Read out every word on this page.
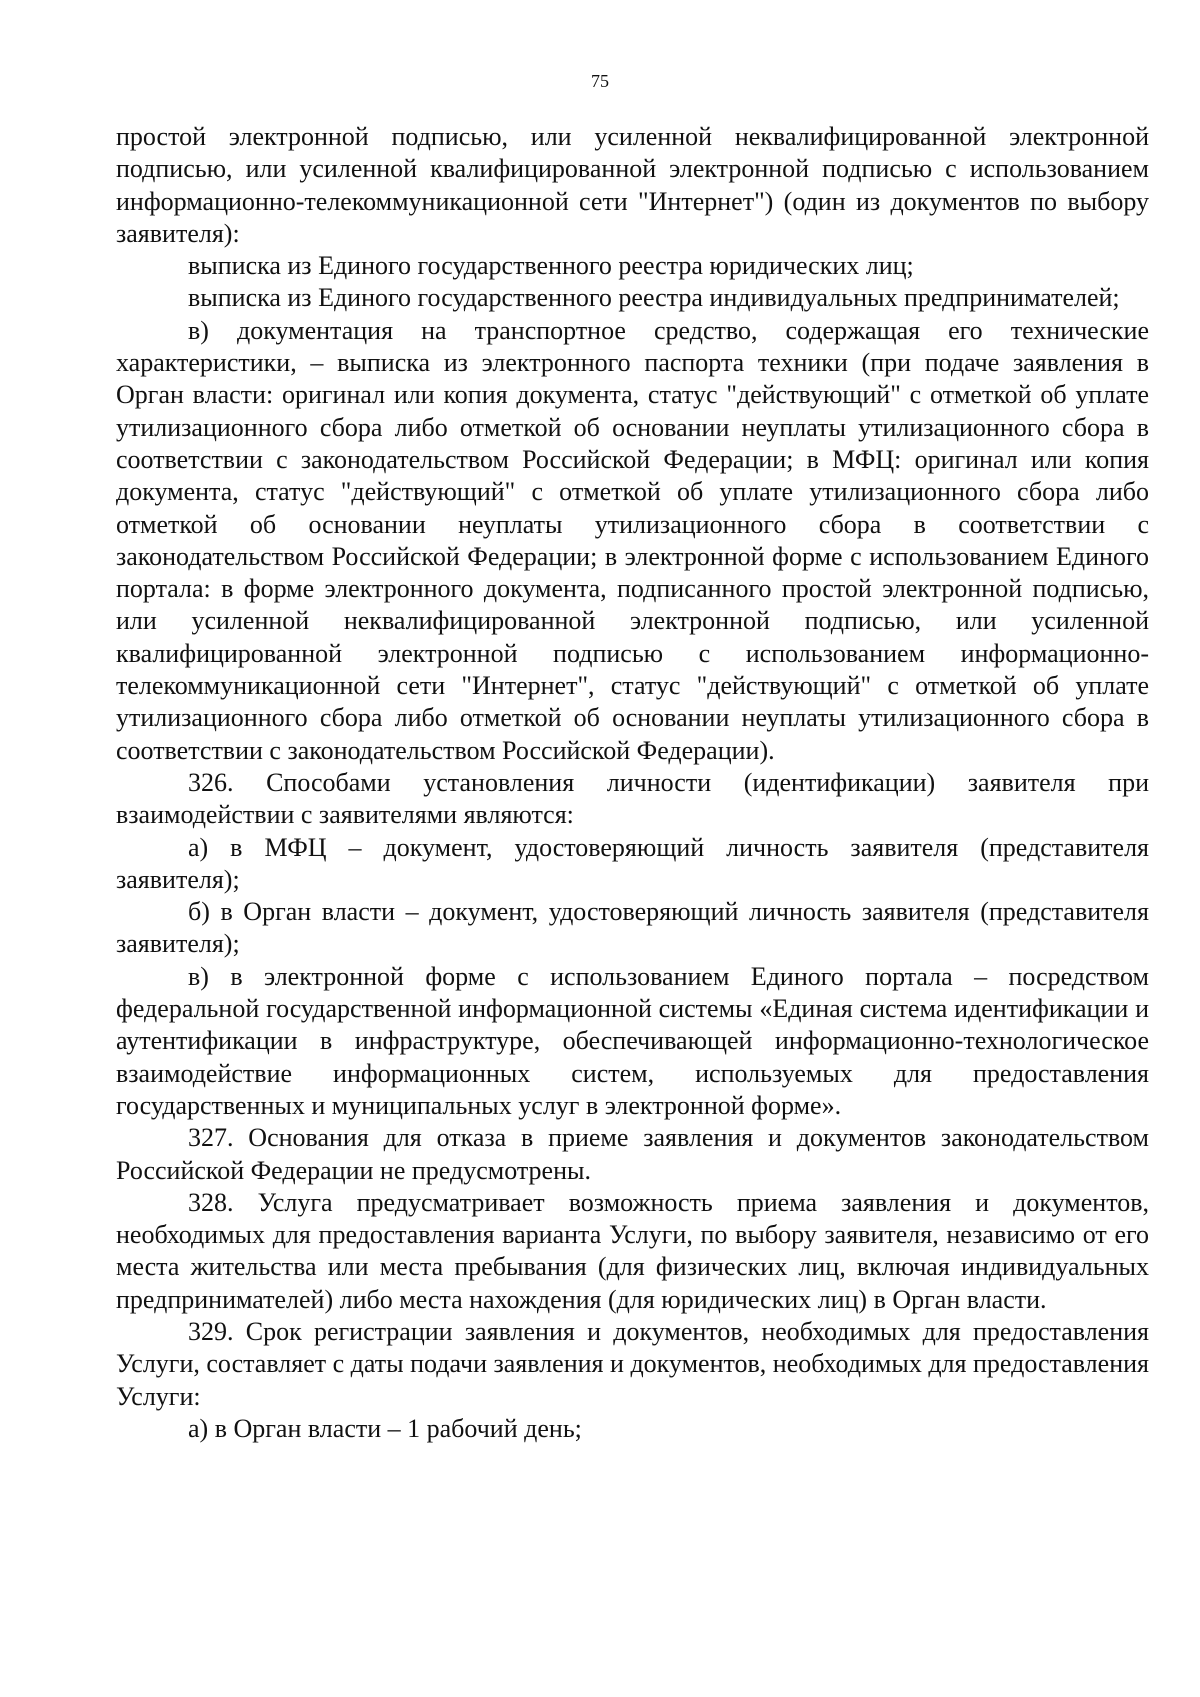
75

простой электронной подписью, или усиленной неквалифицированной электронной подписью, или усиленной квалифицированной электронной подписью с использованием информационно-телекоммуникационной сети "Интернет") (один из документов по выбору заявителя):

выписка из Единого государственного реестра юридических лиц;

выписка из Единого государственного реестра индивидуальных предпринимателей;

в) документация на транспортное средство, содержащая его технические характеристики, – выписка из электронного паспорта техники (при подаче заявления в Орган власти: оригинал или копия документа, статус "действующий" с отметкой об уплате утилизационного сбора либо отметкой об основании неуплаты утилизационного сбора в соответствии с законодательством Российской Федерации; в МФЦ: оригинал или копия документа, статус "действующий" с отметкой об уплате утилизационного сбора либо отметкой об основании неуплаты утилизационного сбора в соответствии с законодательством Российской Федерации; в электронной форме с использованием Единого портала: в форме электронного документа, подписанного простой электронной подписью, или усиленной неквалифицированной электронной подписью, или усиленной квалифицированной электронной подписью с использованием информационно-телекоммуникационной сети "Интернет", статус "действующий" с отметкой об уплате утилизационного сбора либо отметкой об основании неуплаты утилизационного сбора в соответствии с законодательством Российской Федерации).

326. Способами установления личности (идентификации) заявителя при взаимодействии с заявителями являются:

а) в МФЦ – документ, удостоверяющий личность заявителя (представителя заявителя);

б) в Орган власти – документ, удостоверяющий личность заявителя (представителя заявителя);

в) в электронной форме с использованием Единого портала – посредством федеральной государственной информационной системы «Единая система идентификации и аутентификации в инфраструктуре, обеспечивающей информационно-технологическое взаимодействие информационных систем, используемых для предоставления государственных и муниципальных услуг в электронной форме».

327. Основания для отказа в приеме заявления и документов законодательством Российской Федерации не предусмотрены.

328. Услуга предусматривает возможность приема заявления и документов, необходимых для предоставления варианта Услуги, по выбору заявителя, независимо от его места жительства или места пребывания (для физических лиц, включая индивидуальных предпринимателей) либо места нахождения (для юридических лиц) в Орган власти.

329. Срок регистрации заявления и документов, необходимых для предоставления Услуги, составляет с даты подачи заявления и документов, необходимых для предоставления Услуги:

а) в Орган власти – 1 рабочий день;
